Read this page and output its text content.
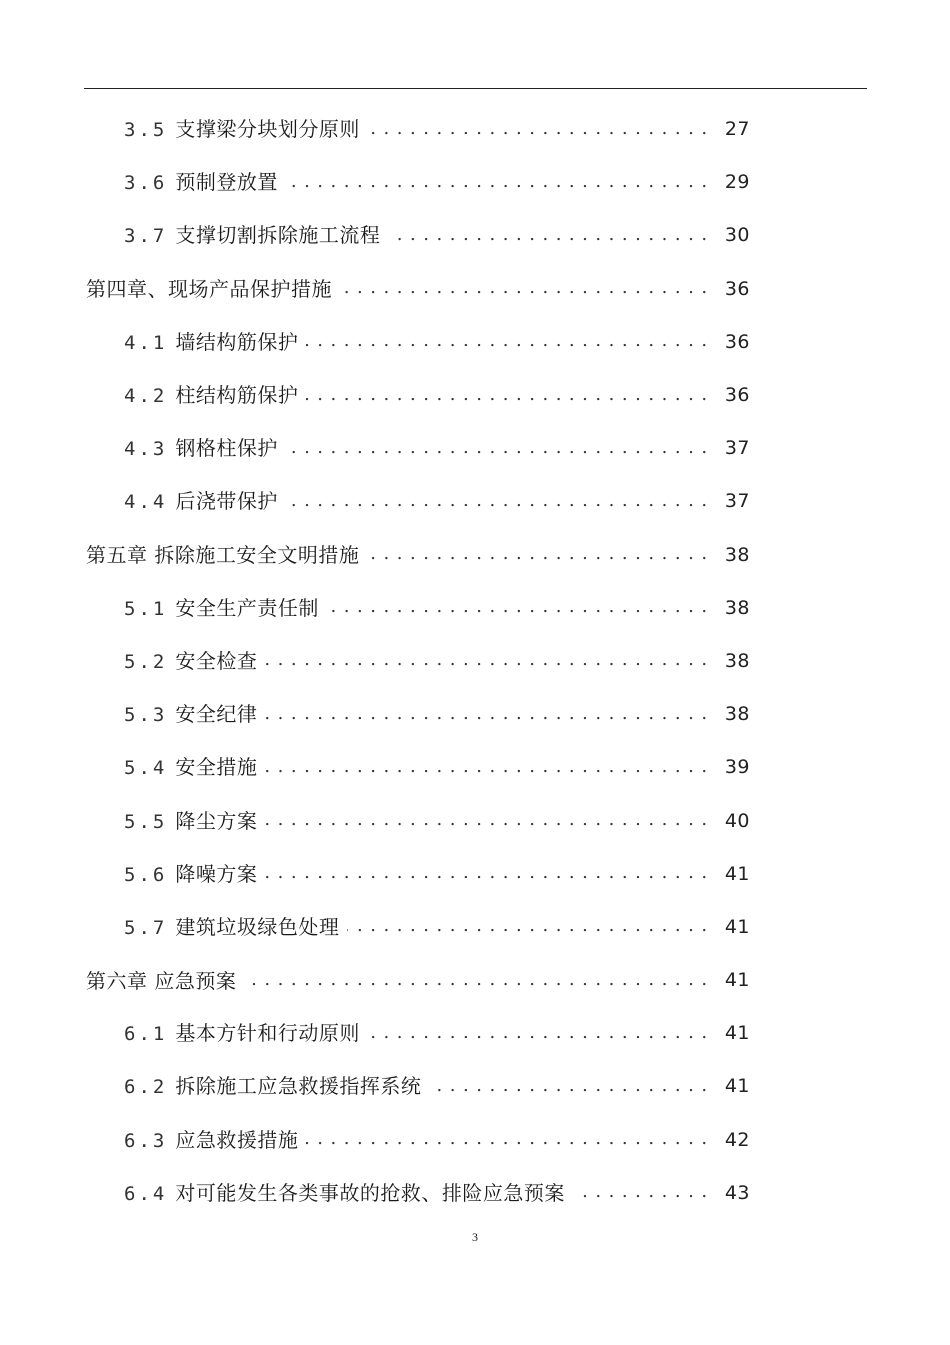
3.5 支撑梁分块划分原则 . . .	27
3.6 预制登放置 . . .	29
3.7 支撑切割拆除施工流程 . . .	30
第四章、现场产品保护措施 . . .	36
4.1 墙结构筋保护 . . .	36
4.2 柱结构筋保护 . . .	36
4.3 钢格柱保护 . . .	37
4.4 后浇带保护 . . .	37
第五章 拆除施工安全文明措施 . . .	38
5.1 安全生产责任制 . . .	38
5.2 安全检查 . . .	38
5.3 安全纪律 . . .	38
5.4 安全措施 . . .	39
5.5 降尘方案 . . .	40
5.6 降噪方案 . . .	41
5.7 建筑垃圾绿色处理 . . .	41
第六章 应急预案 . . .	41
6.1 基本方针和行动原则 . . .	41
6.2 拆除施工应急救援指挥系统 . . .	41
6.3 应急救援措施 . . .	42
6.4 对可能发生各类事故的抢救、排险应急预案 . . .	43
3
